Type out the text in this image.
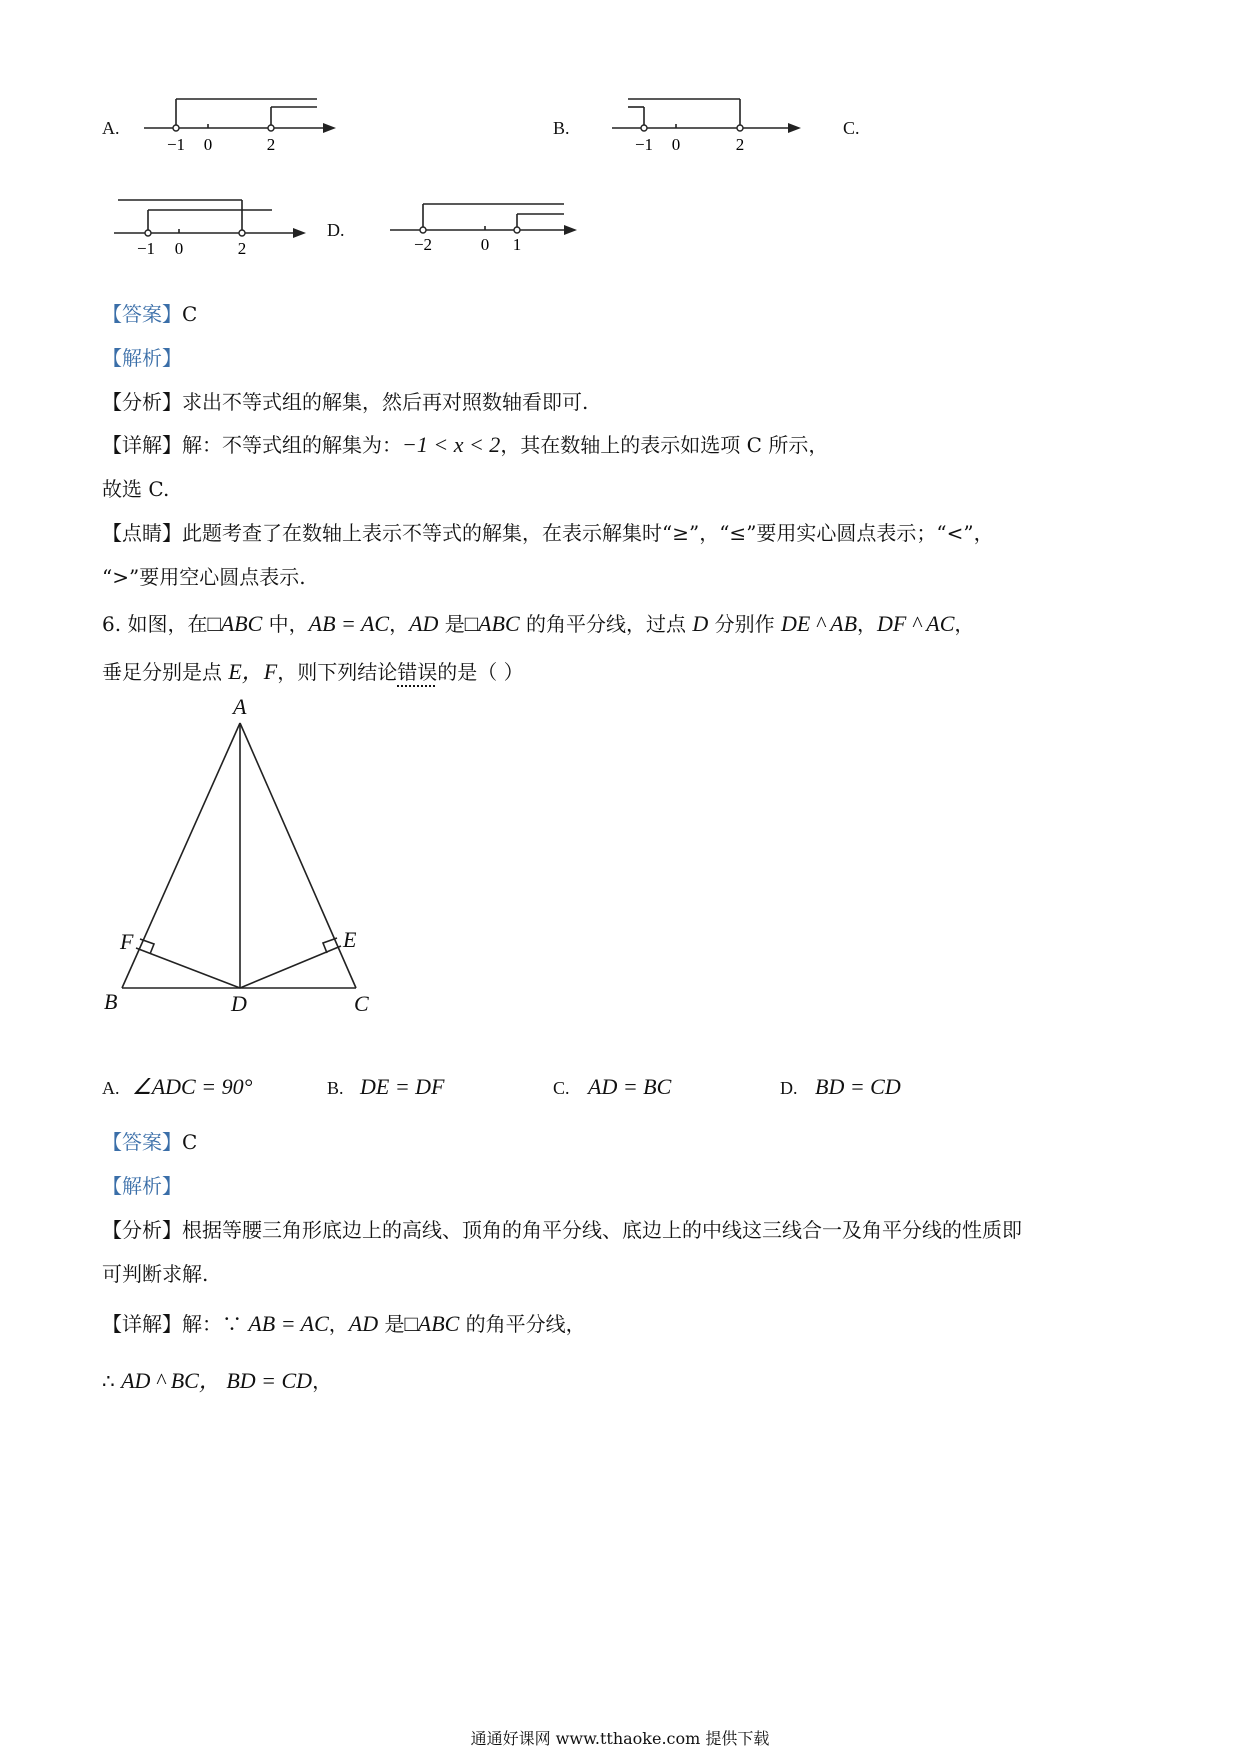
A.
−1 0	2
B.
−1 0	2
C.
−1 0	2
D.
−2	0 1
【答案】C
【解析】
【分析】求出不等式组的解集，然后再对照数轴看即可.
【详解】解：不等式组的解集为：−1 < x < 2，其在数轴上的表示如选项 C 所示，
故选 C.
【点睛】此题考查了在数轴上表示不等式的解集，在表示解集时“≥”，“≤”要用实心圆点表示；“<”，
“>”要用空心圆点表示.
6. 如图，在□ABC 中，AB = AC，AD 是□ABC 的角平分线，过点 D 分别作 DE ^ AB，DF ^ AC，
垂足分别是点 E，F，则下列结论错误的是（ ）
A
B	C
D
E
F
A. ∠ADC = 90°	B. DE = DF	C. AD = BC	D. BD = CD
【答案】C
【解析】
【分析】根据等腰三角形底边上的高线、顶角的角平分线、底边上的中线这三线合一及角平分线的性质即
可判断求解.
【详解】解：∵ AB = AC，AD 是□ABC 的角平分线，
∴ AD ^ BC， BD = CD，
通通好课网 www.tthaoke.com 提供下载
